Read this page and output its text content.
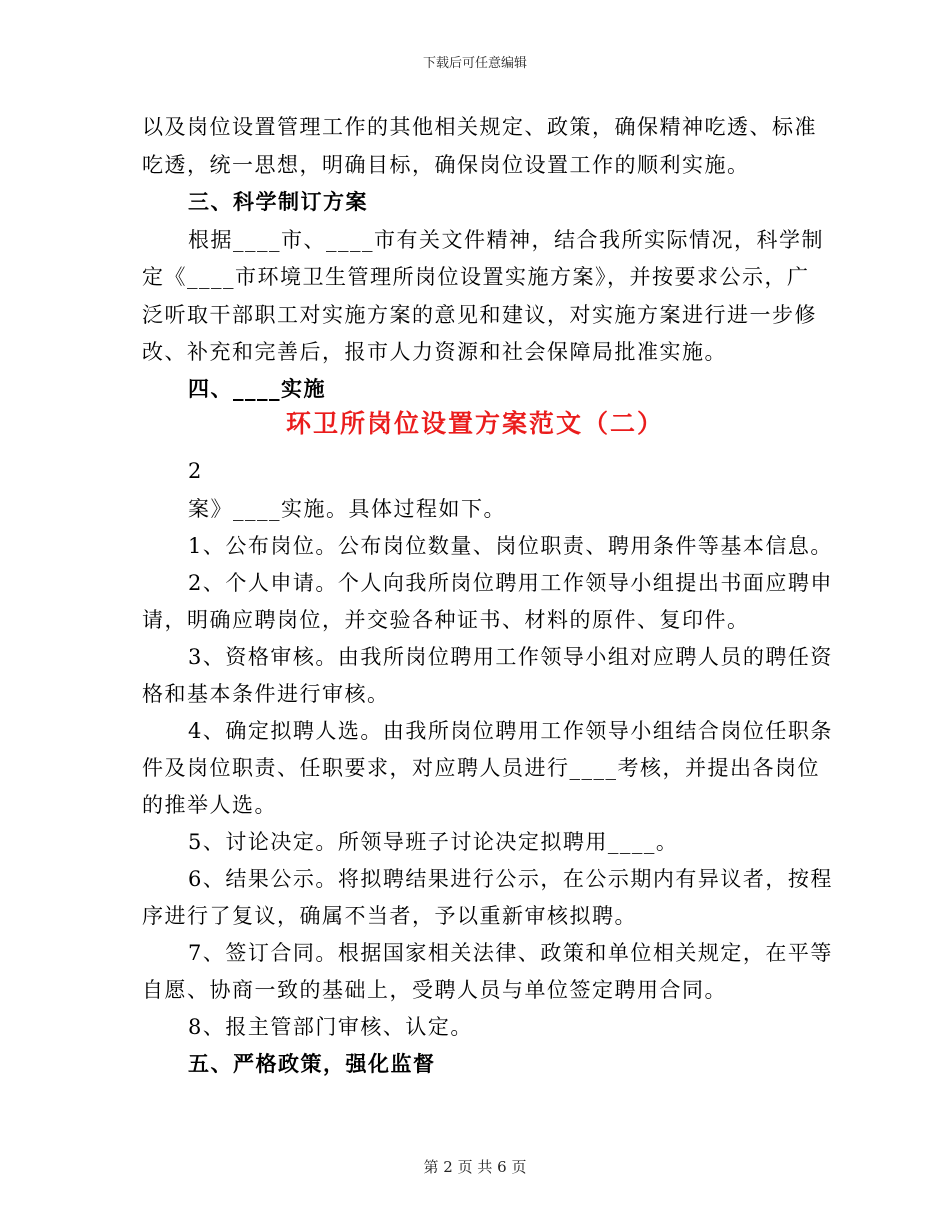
下载后可任意编辑
以及岗位设置管理工作的其他相关规定、政策，确保精神吃透、标准
吃透，统一思想，明确目标，确保岗位设置工作的顺利实施。
三、科学制订方案
根据____市、____市有关文件精神，结合我所实际情况，科学制
定《____市环境卫生管理所岗位设置实施方案》，并按要求公示，广
泛听取干部职工对实施方案的意见和建议，对实施方案进行进一步修
改、补充和完善后，报市人力资源和社会保障局批准实施。
四、____实施
环卫所岗位设置方案范文（二）
2
案》____实施。具体过程如下。
1、公布岗位。公布岗位数量、岗位职责、聘用条件等基本信息。
2、个人申请。个人向我所岗位聘用工作领导小组提出书面应聘申
请，明确应聘岗位，并交验各种证书、材料的原件、复印件。
3、资格审核。由我所岗位聘用工作领导小组对应聘人员的聘任资
格和基本条件进行审核。
4、确定拟聘人选。由我所岗位聘用工作领导小组结合岗位任职条
件及岗位职责、任职要求，对应聘人员进行____考核，并提出各岗位
的推举人选。
5、讨论决定。所领导班子讨论决定拟聘用____。
6、结果公示。将拟聘结果进行公示，在公示期内有异议者，按程
序进行了复议，确属不当者，予以重新审核拟聘。
7、签订合同。根据国家相关法律、政策和单位相关规定，在平等
自愿、协商一致的基础上，受聘人员与单位签定聘用合同。
8、报主管部门审核、认定。
五、严格政策，强化监督
第 2 页 共 6 页
